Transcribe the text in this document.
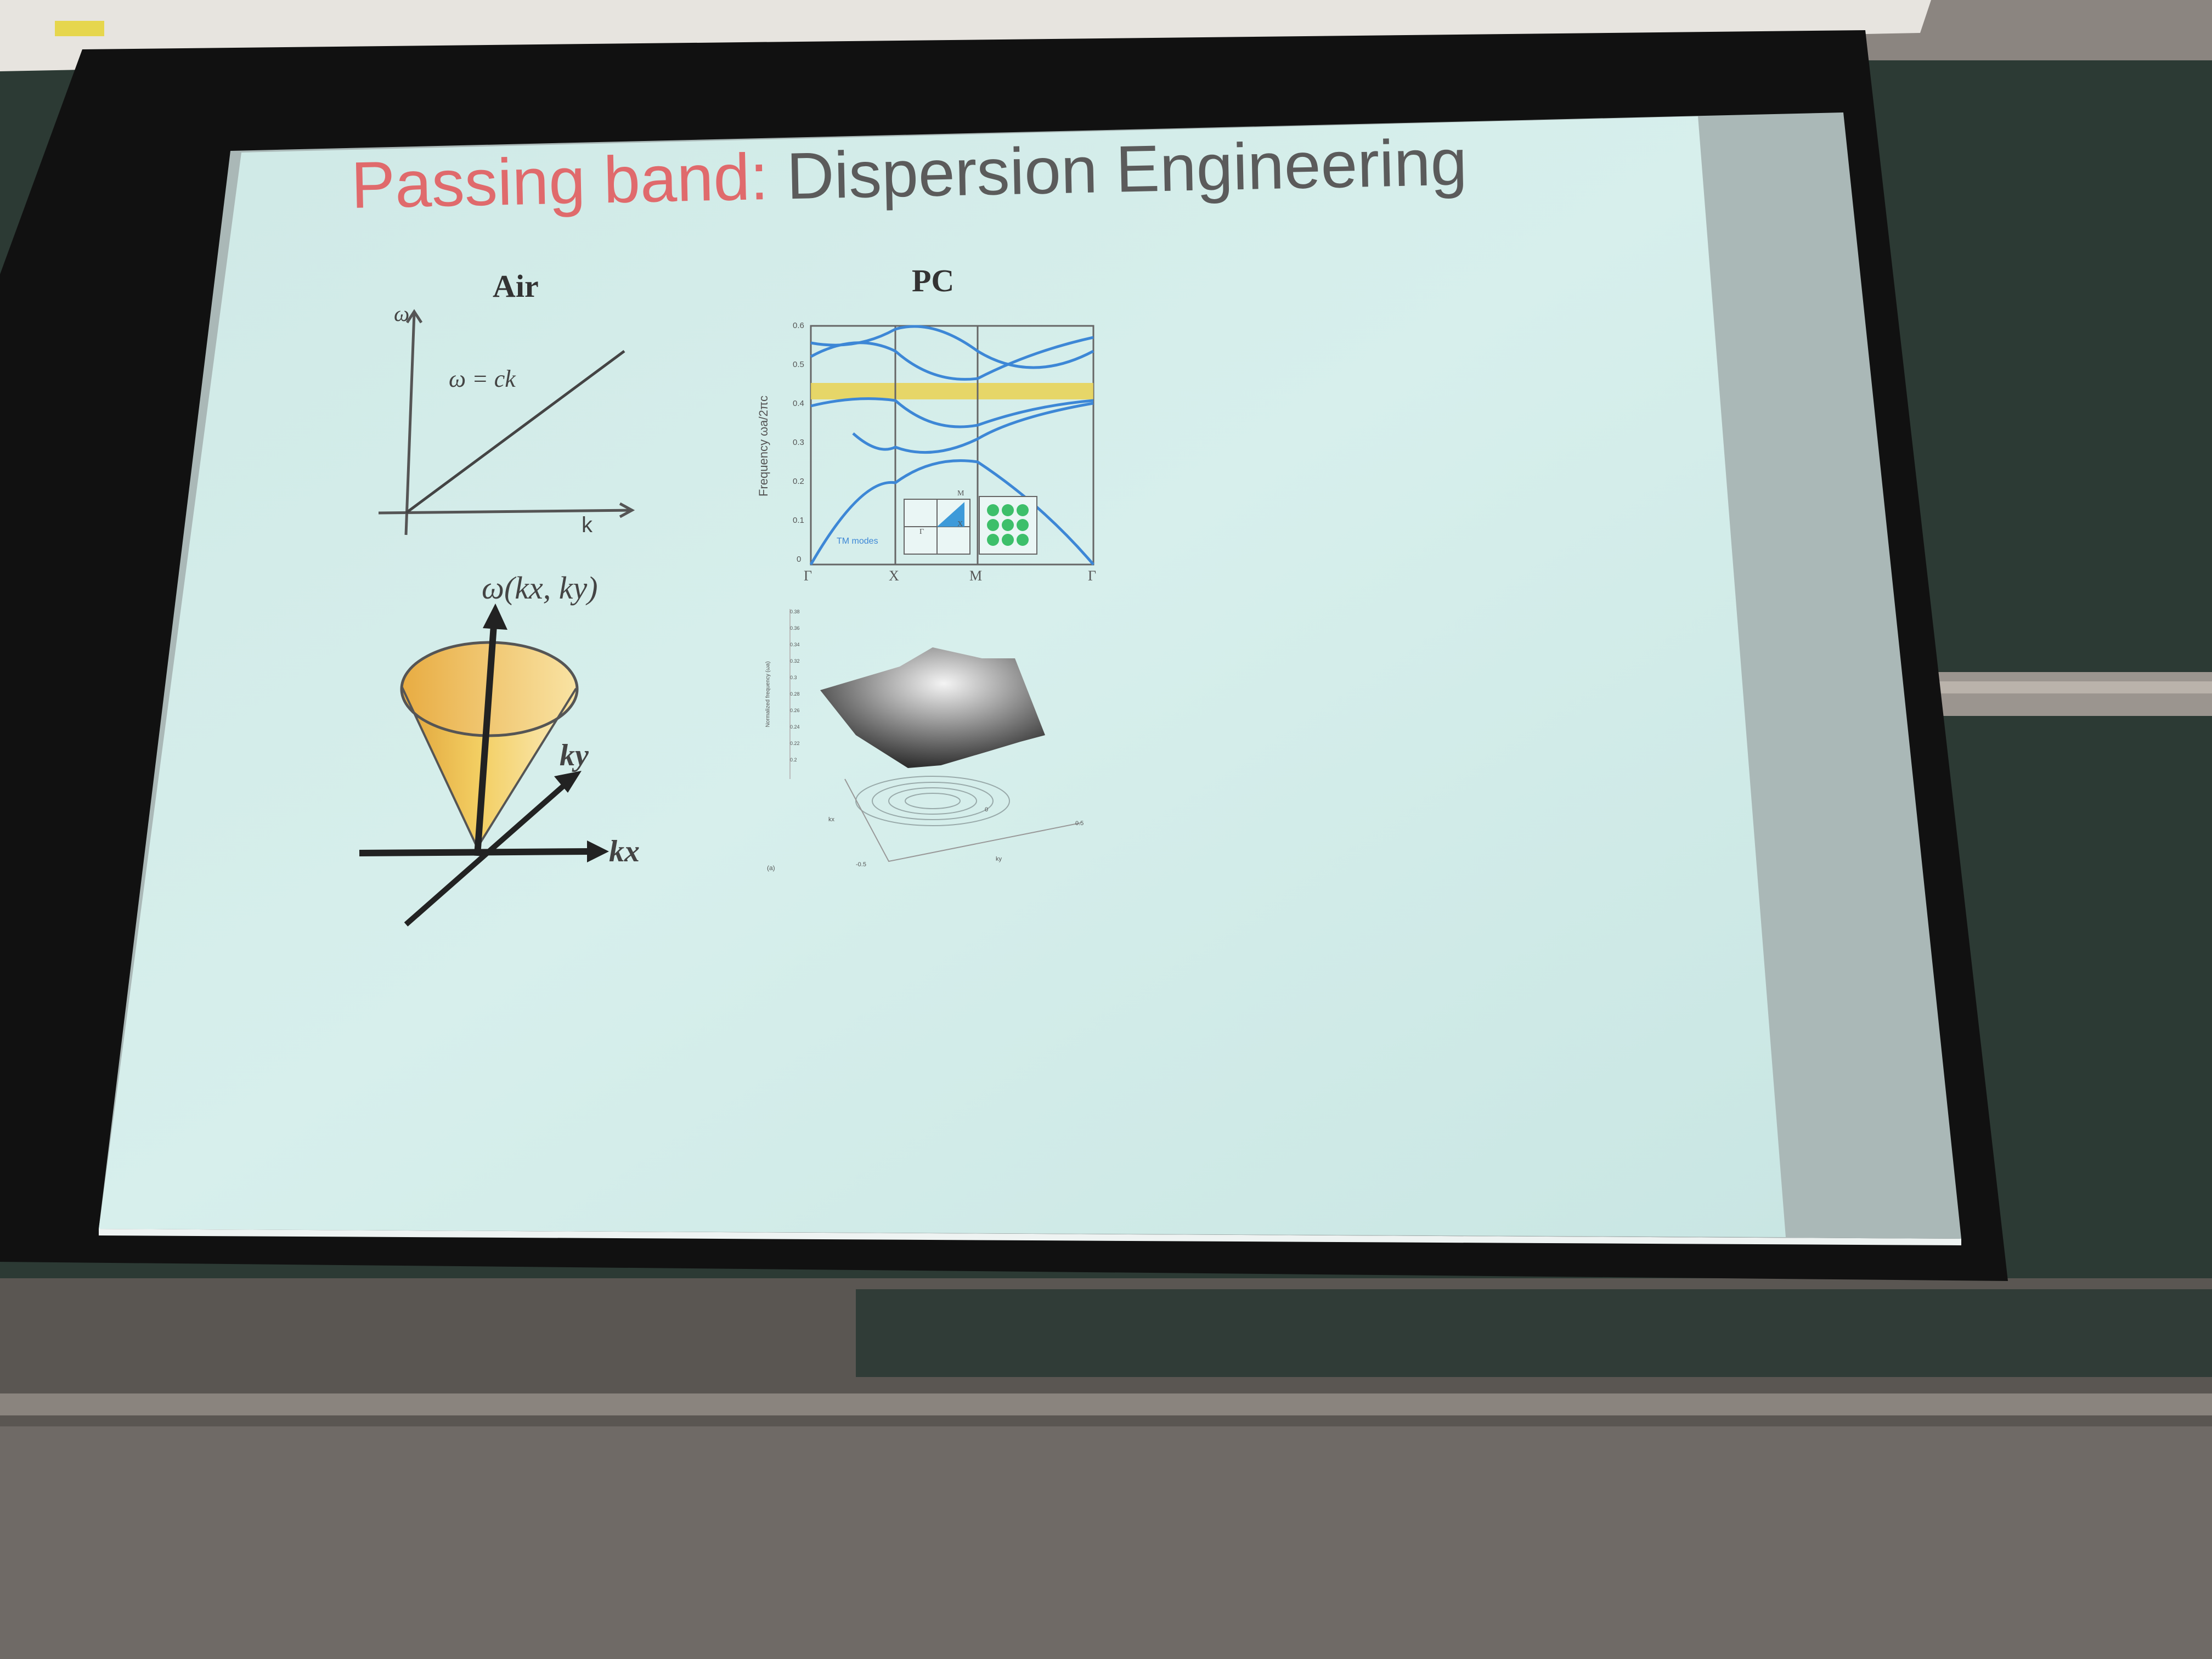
Passing band: Dispersion Engineering
Air	PC
ω
k
ω = ck
ω(kx, ky)
ky
kx
0.6
0.5
0.4
0.3
0.2
0.1
0
Frequency ωa/2πc
Γ	X	M	Γ
TM modes
M
Γ
X
0.38
0.36
0.34
0.32
0.3
0.28
0.26
0.24
0.22
0.2
Normalized frequency (ωa)
-0.5
0
0.5
kx
ky
(a)
